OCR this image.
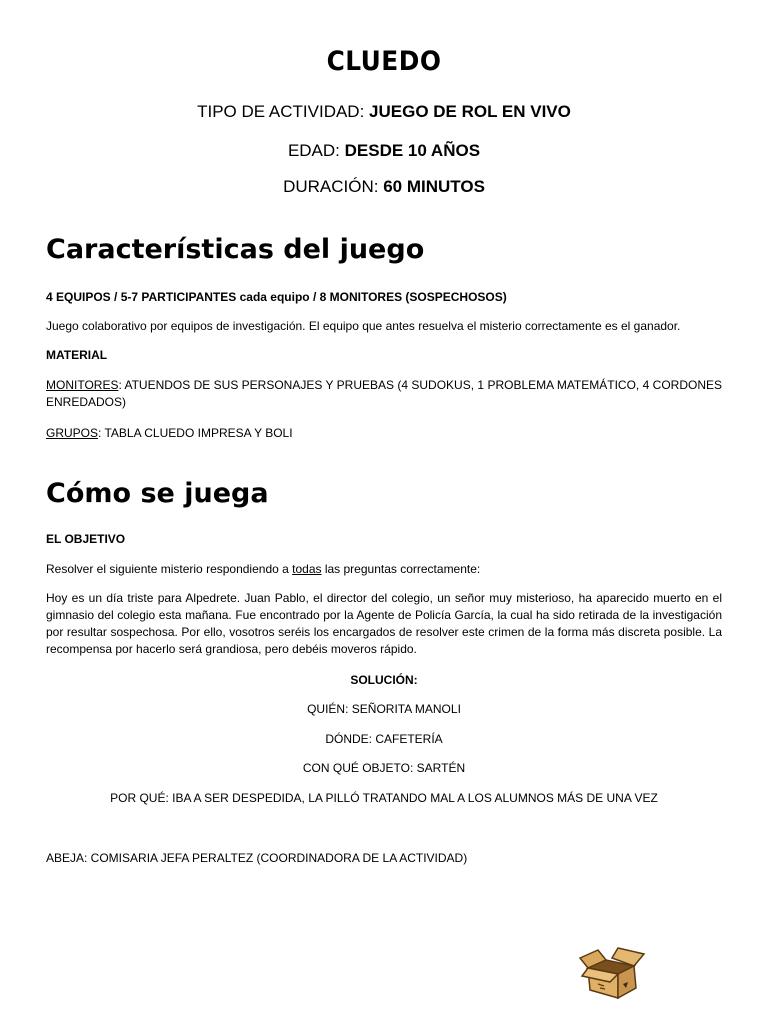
CLUEDO
TIPO DE ACTIVIDAD: JUEGO DE ROL EN VIVO
EDAD: DESDE 10 AÑOS
DURACIÓN: 60 MINUTOS
Características del juego
4 EQUIPOS / 5-7 PARTICIPANTES cada equipo / 8 MONITORES (SOSPECHOSOS)
Juego colaborativo por equipos de investigación. El equipo que antes resuelva el misterio correctamente es el ganador.
MATERIAL
MONITORES: ATUENDOS DE SUS PERSONAJES Y PRUEBAS (4 SUDOKUS, 1 PROBLEMA MATEMÁTICO, 4 CORDONES ENREDADOS)
GRUPOS: TABLA CLUEDO IMPRESA Y BOLI
Cómo se juega
EL OBJETIVO
Resolver el siguiente misterio respondiendo a todas las preguntas correctamente:
Hoy es un día triste para Alpedrete. Juan Pablo, el director del colegio, un señor muy misterioso, ha aparecido muerto en el gimnasio del colegio esta mañana. Fue encontrado por la Agente de Policía García, la cual ha sido retirada de la investigación por resultar sospechosa. Por ello, vosotros seréis los encargados de resolver este crimen de la forma más discreta posible. La recompensa por hacerlo será grandiosa, pero debéis moveros rápido.
SOLUCIÓN:
QUIÉN: SEÑORITA MANOLI
DÓNDE: CAFETERÍA
CON QUÉ OBJETO: SARTÉN
POR QUÉ: IBA A SER DESPEDIDA, LA PILLÓ TRATANDO MAL A LOS ALUMNOS MÁS DE UNA VEZ
ABEJA: COMISARIA JEFA PERALTEZ (COORDINADORA DE LA ACTIVIDAD)
